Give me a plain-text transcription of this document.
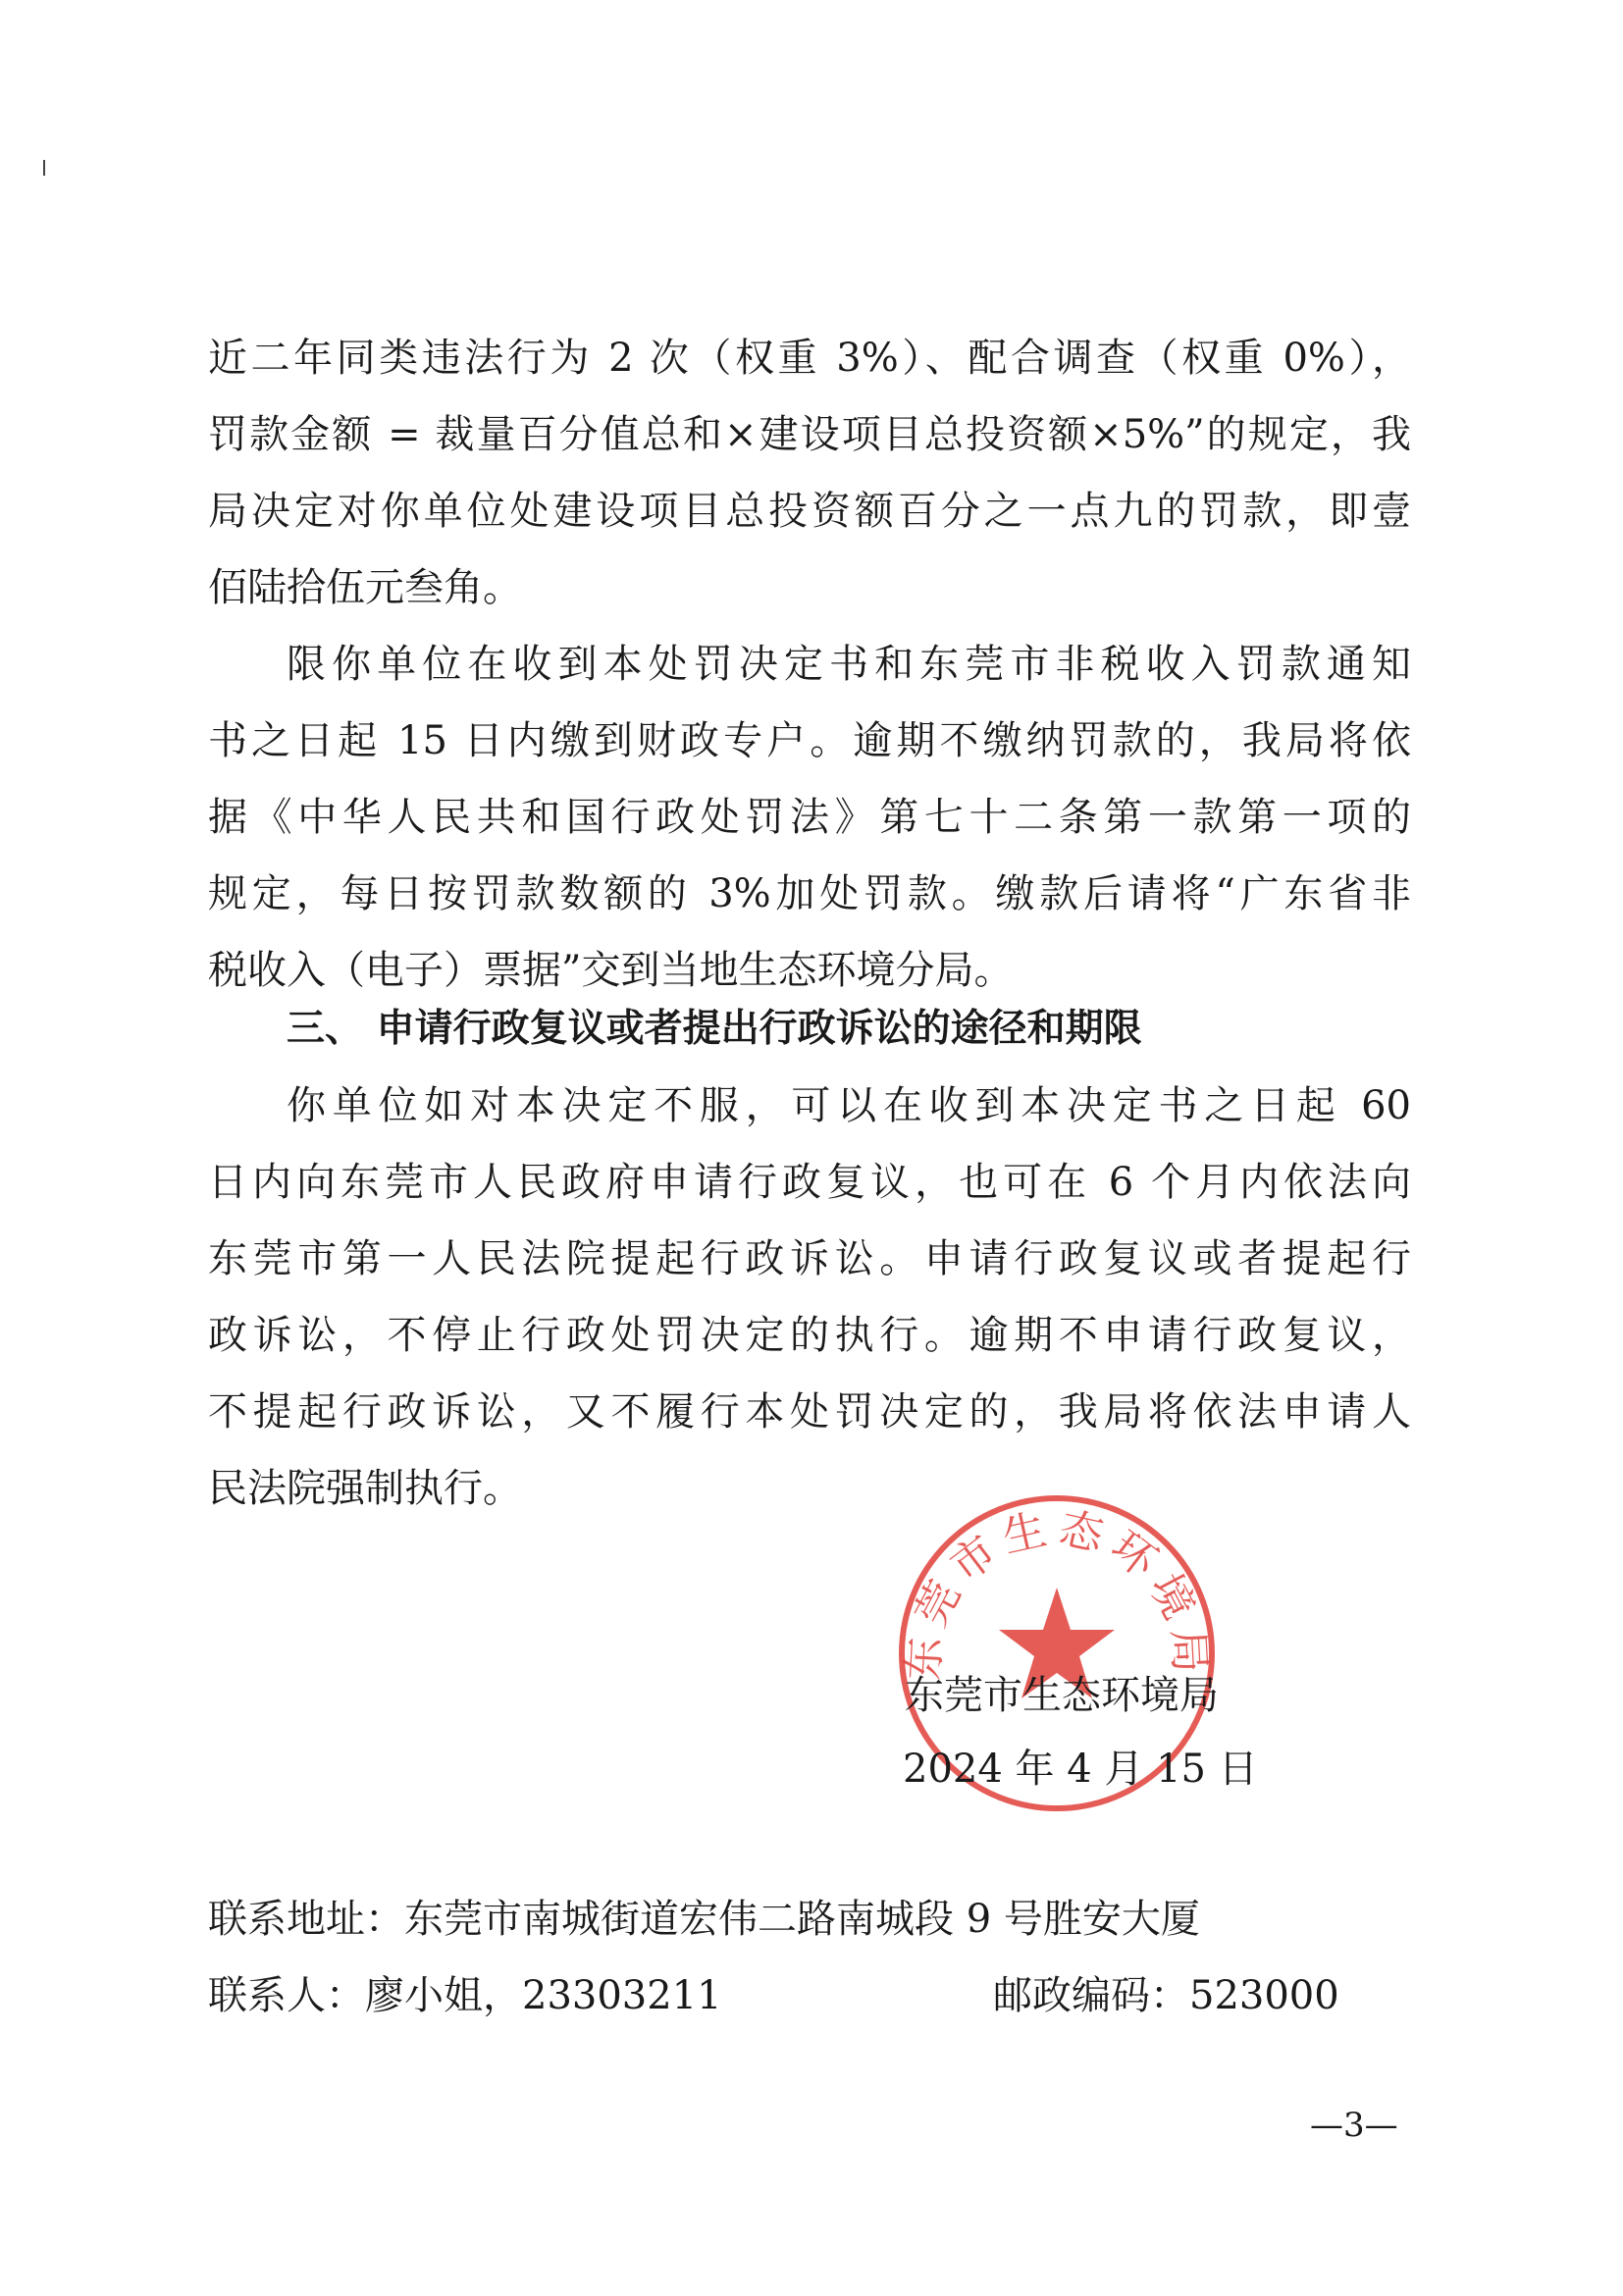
近二年同类违法行为 2 次（权重 3%）、配合调查（权重 0%），
罚款金额 = 裁量百分值总和×建设项目总投资额×5%”的规定，我
局决定对你单位处建设项目总投资额百分之一点九的罚款，即壹
佰陆拾伍元叁角。
限你单位在收到本处罚决定书和东莞市非税收入罚款通知
书之日起 15 日内缴到财政专户。逾期不缴纳罚款的，我局将依
据《中华人民共和国行政处罚法》第七十二条第一款第一项的
规定，每日按罚款数额的 3%加处罚款。缴款后请将“广东省非
税收入（电子）票据”交到当地生态环境分局。
三、 申请行政复议或者提出行政诉讼的途径和期限
你单位如对本决定不服，可以在收到本决定书之日起 60
日内向东莞市人民政府申请行政复议，也可在 6 个月内依法向
东莞市第一人民法院提起行政诉讼。申请行政复议或者提起行
政诉讼，不停止行政处罚决定的执行。逾期不申请行政复议，
不提起行政诉讼，又不履行本处罚决定的，我局将依法申请人
民法院强制执行。
东莞市生态环境局
东莞市生态环境局
2024 年 4 月 15 日
联系地址：东莞市南城街道宏伟二路南城段 9 号胜安大厦
联系人：廖小姐，23303211	邮政编码：523000
—3—
